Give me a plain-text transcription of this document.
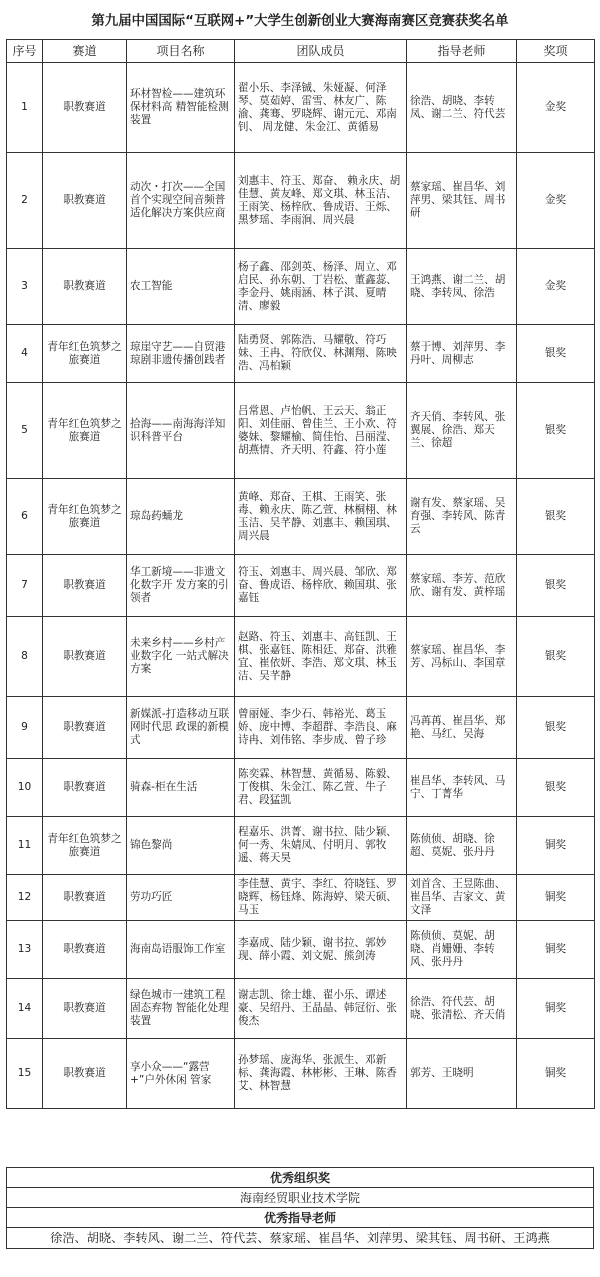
第九届中国国际“互联网+”大学生创新创业大赛海南赛区竞赛获奖名单
序号	赛道	项目名称	团队成员	指导老师	奖项
1	职教赛道	环材智检——建筑环保材料高 精智能检测装置	翟小乐、李泽铖、朱娅凝、何泽琴、莫茹婷、雷雪、林友广、陈渝、龚骞、罗晓辉、谢元元、邓南钊、 周龙健、朱金江、黄循易	徐浩、胡晓、李转凤、谢二兰、符代芸	金奖
2	职教赛道	动次・打次——全国首个实现空间音频普适化解决方案供应商	刘惠丰、符玉、郑奋、 赖永庆、胡佳慧、黄友峰、郑文琪、林玉洁、王雨笑、杨梓欣、鲁成语、王烁、黑梦瑶、李雨涧、周兴晨	蔡家瑶、崔昌华、刘萍男、梁其钰、周书研	金奖
3	职教赛道	农工智能	杨子鑫、邵剑英、杨泽、周立、邓启民、孙东朝、丁岩松、董鑫蕊、李金丹、姚雨涵、林子淇、夏晴清、廖毅	王鸿燕、谢二兰、胡晓、李转凤、徐浩	金奖
4	青年红色筑梦之旅赛道	琼崖守艺——自贸港琼剧非遗传播创践者	陆勇贤、郭陈浩、马耀敬、符巧妹、王冉、符欣仪、林渊翔、陈映浩、冯柏颖	蔡于博、刘萍男、李丹叶、周柳志	银奖
5	青年红色筑梦之旅赛道	拾海——南海海洋知识科普平台	吕常恩、卢怡帆、王云天、翁正阳、刘佳丽、曾佳兰、王小欢、符婆妹、黎耀榆、简佳怡、吕丽滢、胡燕情、齐天明、符鑫、符小莲	齐天俏、李转风、张翼展、徐浩、郑天兰、徐超	银奖
6	青年红色筑梦之旅赛道	琼岛药蛹龙	黄峰、郑奋、王棋、王雨笑、张毒、赖永庆、陈乙萱、林桐栩、林玉洁、吴芊静、刘惠丰、赖国琪、周兴晨	谢有发、蔡家瑶、吴育强、李转风、陈青云	银奖
7	职教赛道	华工新境——非遗文化数字开 发方案的引领者	符玉、刘惠丰、周兴晨、邹欣、郑奋、鲁成语、杨梓欣、赖国琪、张嘉钰	蔡家瑶、李芳、范欣欣、谢有发、黄梓瑶	银奖
8	职教赛道	未来乡村——乡村产业数字化 一站式解决方案	赵路、符玉、刘惠丰、高钰凯、王棋、张嘉钰、陈相廷、郑奋、洪雅宜、崔依妍、李浩、郑文琪、林玉洁、吴芊静	蔡家瑶、崔昌华、李芳、冯标山、李国章	银奖
9	职教赛道	新媒派-打造移动互联网时代思 政课的新模式	曾丽娅、李少石、韩裕光、葛玉娇、庞中博、李超群、李浩良、麻诗冉、刘伟铭、李步成、曾子珍	冯苒苒、崔昌华、郑艳、马红、吴海	银奖
10	职教赛道	骑森-柜在生活	陈奕霖、林智慧、黄循易、陈毅、丁俊棋、朱金江、陈乙萱、牛子君、段猛凯	崔昌华、李转风、马宁、丁菁华	银奖
11	青年红色筑梦之旅赛道	锦色黎尚	程嘉乐、洪菁、谢书拉、陆少颖、何一秀、朱婧凤、付明月、郭牧遥、蒋天昊	陈侦侦、胡晓、徐超、莫妮、张丹丹	铜奖
12	职教赛道	劳功巧匠	李佳慧、黄宇、李红、符晓钰、罗晓辉、杨钰烽、陈海婷、梁天硕、马玉	刘首含、王昱陈曲、崔昌华、吉家文、黄文泽	铜奖
13	职教赛道	海南岛语服饰工作室	李嘉成、陆少颖、谢书拉、郭妙现、薛小霞、刘文妮、熊剑涛	陈侦侦、莫妮、胡晓、肖姗姗、李转风、张丹丹	铜奖
14	职教赛道	绿色城市一建筑工程固态弃物 智能化处理装置	谢志凯、徐士雄、翟小乐、谭述豪、吴绍丹、王晶晶、韩冠衍、张俊杰	徐浩、符代芸、胡晓、张清松、齐天俏	铜奖
15	职教赛道	享小众——“露营+”户外休闲 管家	孙梦瑶、庞海华、张派生、邓新标、龚海霞、林彬彬、王琳、陈香艾、林智慧	郭芳、王晓明	铜奖
优秀组织奖
海南经贸职业技术学院
优秀指导老师
徐浩、胡晓、李转风、谢二兰、符代芸、蔡家瑶、崔昌华、刘萍男、梁其钰、周书研、王鸿燕
